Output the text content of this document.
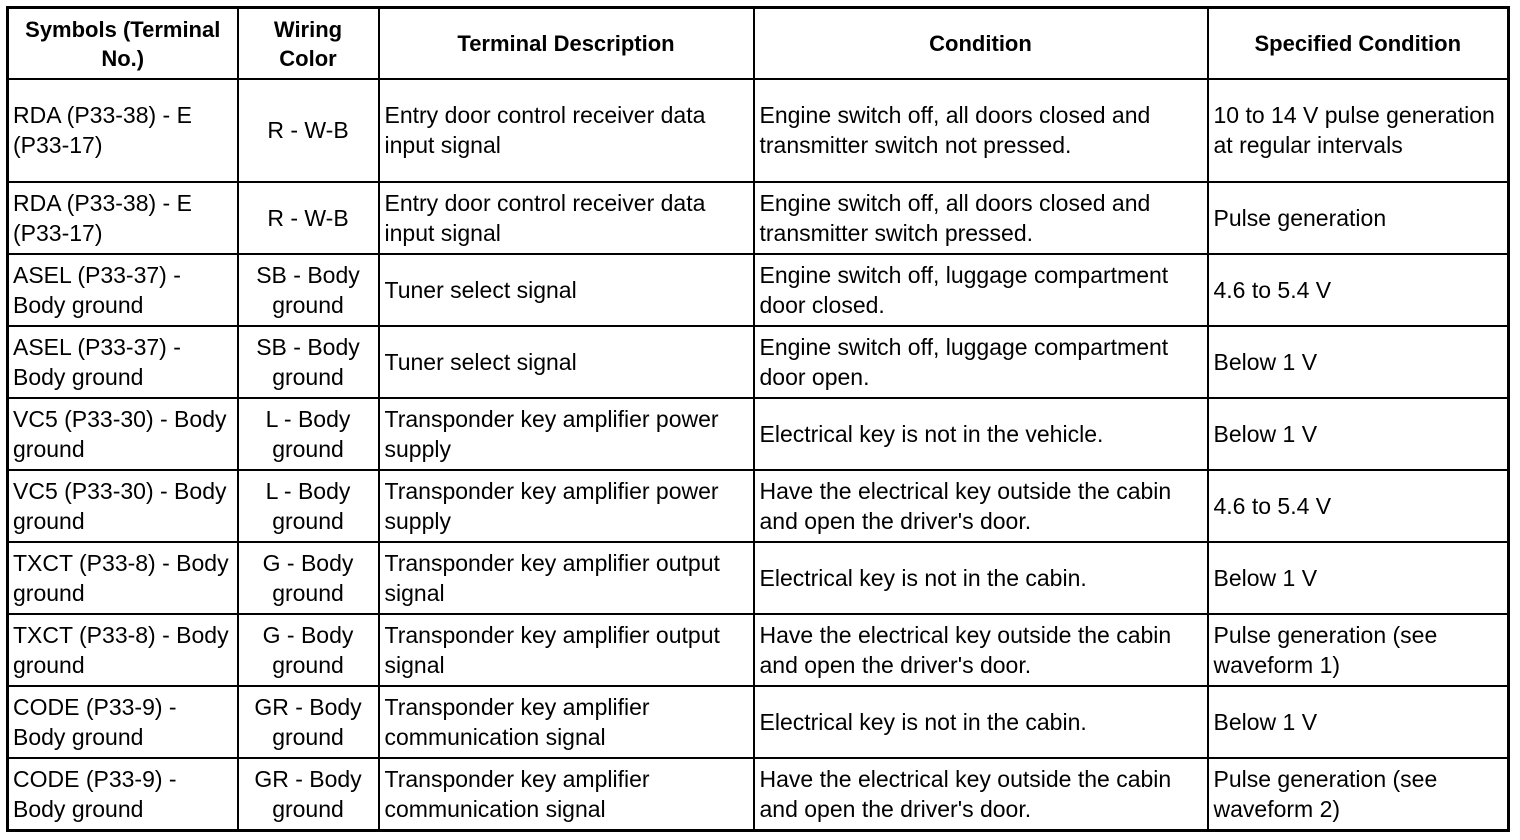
Symbols (Terminal No.)	Wiring Color	Terminal Description	Condition	Specified Condition
RDA (P33-38) - E (P33-17)	R - W-B	Entry door control receiver data input signal	Engine switch off, all doors closed and transmitter switch not pressed.	10 to 14 V pulse generation at regular intervals
RDA (P33-38) - E (P33-17)	R - W-B	Entry door control receiver data input signal	Engine switch off, all doors closed and transmitter switch pressed.	Pulse generation
ASEL (P33-37) - Body ground	SB - Body ground	Tuner select signal	Engine switch off, luggage compartment door closed.	4.6 to 5.4 V
ASEL (P33-37) - Body ground	SB - Body ground	Tuner select signal	Engine switch off, luggage compartment door open.	Below 1 V
VC5 (P33-30) - Body ground	L - Body ground	Transponder key amplifier power supply	Electrical key is not in the vehicle.	Below 1 V
VC5 (P33-30) - Body ground	L - Body ground	Transponder key amplifier power supply	Have the electrical key outside the cabin and open the driver's door.	4.6 to 5.4 V
TXCT (P33-8) - Body ground	G - Body ground	Transponder key amplifier output signal	Electrical key is not in the cabin.	Below 1 V
TXCT (P33-8) - Body ground	G - Body ground	Transponder key amplifier output signal	Have the electrical key outside the cabin and open the driver's door.	Pulse generation (see waveform 1)
CODE (P33-9) - Body ground	GR - Body ground	Transponder key amplifier communication signal	Electrical key is not in the cabin.	Below 1 V
CODE (P33-9) - Body ground	GR - Body ground	Transponder key amplifier communication signal	Have the electrical key outside the cabin and open the driver's door.	Pulse generation (see waveform 2)
